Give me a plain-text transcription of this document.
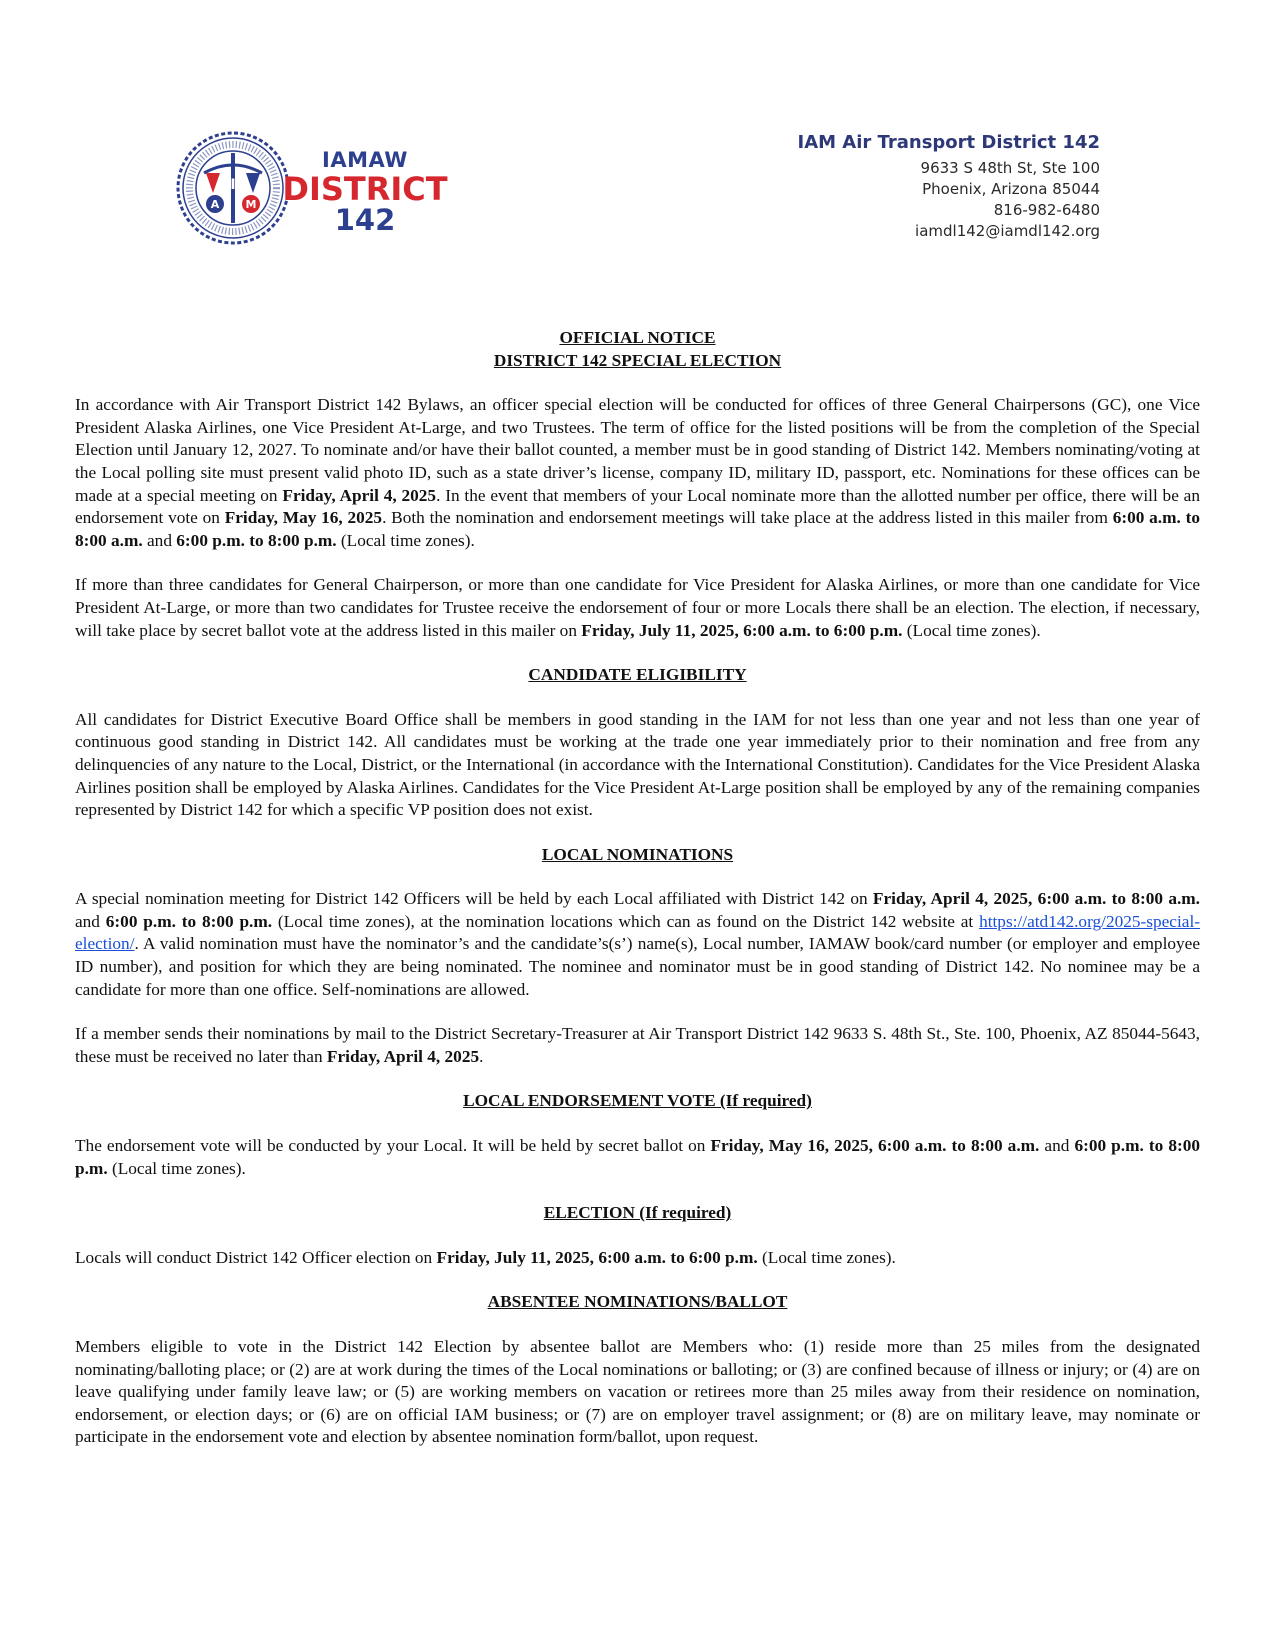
I
A M
IAMAW
DISTRICT
142
IAM Air Transport District 142
9633 S 48th St, Ste 100
Phoenix, Arizona 85044
816-982-6480
iamdl142@iamdl142.org
OFFICIAL NOTICE
DISTRICT 142 SPECIAL ELECTION

In accordance with Air Transport District 142 Bylaws, an officer special election will be conducted for offices of three General Chairpersons (GC), one Vice President Alaska Airlines, one Vice President At-Large, and two Trustees. The term of office for the listed positions will be from the completion of the Special Election until January 12, 2027. To nominate and/or have their ballot counted, a member must be in good standing of District 142. Members nominating/voting at the Local polling site must present valid photo ID, such as a state driver’s license, company ID, military ID, passport, etc. Nominations for these offices can be made at a special meeting on Friday, April 4, 2025. In the event that members of your Local nominate more than the allotted number per office, there will be an endorsement vote on Friday, May 16, 2025. Both the nomination and endorsement meetings will take place at the address listed in this mailer from 6:00 a.m. to 8:00 a.m. and 6:00 p.m. to 8:00 p.m. (Local time zones).

If more than three candidates for General Chairperson, or more than one candidate for Vice President for Alaska Airlines, or more than one candidate for Vice President At-Large, or more than two candidates for Trustee receive the endorsement of four or more Locals there shall be an election. The election, if necessary, will take place by secret ballot vote at the address listed in this mailer on Friday, July 11, 2025, 6:00 a.m. to 6:00 p.m. (Local time zones).

CANDIDATE ELIGIBILITY

All candidates for District Executive Board Office shall be members in good standing in the IAM for not less than one year and not less than one year of continuous good standing in District 142. All candidates must be working at the trade one year immediately prior to their nomination and free from any delinquencies of any nature to the Local, District, or the International (in accordance with the International Constitution). Candidates for the Vice President Alaska Airlines position shall be employed by Alaska Airlines. Candidates for the Vice President At-Large position shall be employed by any of the remaining companies represented by District 142 for which a specific VP position does not exist.

LOCAL NOMINATIONS

A special nomination meeting for District 142 Officers will be held by each Local affiliated with District 142 on Friday, April 4, 2025, 6:00 a.m. to 8:00 a.m. and 6:00 p.m. to 8:00 p.m. (Local time zones), at the nomination locations which can as found on the District 142 website at https://atd142.org/2025-special-election/. A valid nomination must have the nominator’s and the candidate’s(s’) name(s), Local number, IAMAW book/card number (or employer and employee ID number), and position for which they are being nominated. The nominee and nominator must be in good standing of District 142. No nominee may be a candidate for more than one office. Self-nominations are allowed.

If a member sends their nominations by mail to the District Secretary-Treasurer at Air Transport District 142 9633 S. 48th St., Ste. 100, Phoenix, AZ 85044-5643, these must be received no later than Friday, April 4, 2025.

LOCAL ENDORSEMENT VOTE (If required)

The endorsement vote will be conducted by your Local. It will be held by secret ballot on Friday, May 16, 2025, 6:00 a.m. to 8:00 a.m. and 6:00 p.m. to 8:00 p.m. (Local time zones).

ELECTION (If required)

Locals will conduct District 142 Officer election on Friday, July 11, 2025, 6:00 a.m. to 6:00 p.m. (Local time zones).

ABSENTEE NOMINATIONS/BALLOT

Members eligible to vote in the District 142 Election by absentee ballot are Members who: (1) reside more than 25 miles from the designated nominating/balloting place; or (2) are at work during the times of the Local nominations or balloting; or (3) are confined because of illness or injury; or (4) are on leave qualifying under family leave law; or (5) are working members on vacation or retirees more than 25 miles away from their residence on nomination, endorsement, or election days; or (6) are on official IAM business; or (7) are on employer travel assignment; or (8) are on military leave, may nominate or participate in the endorsement vote and election by absentee nomination form/ballot, upon request.
